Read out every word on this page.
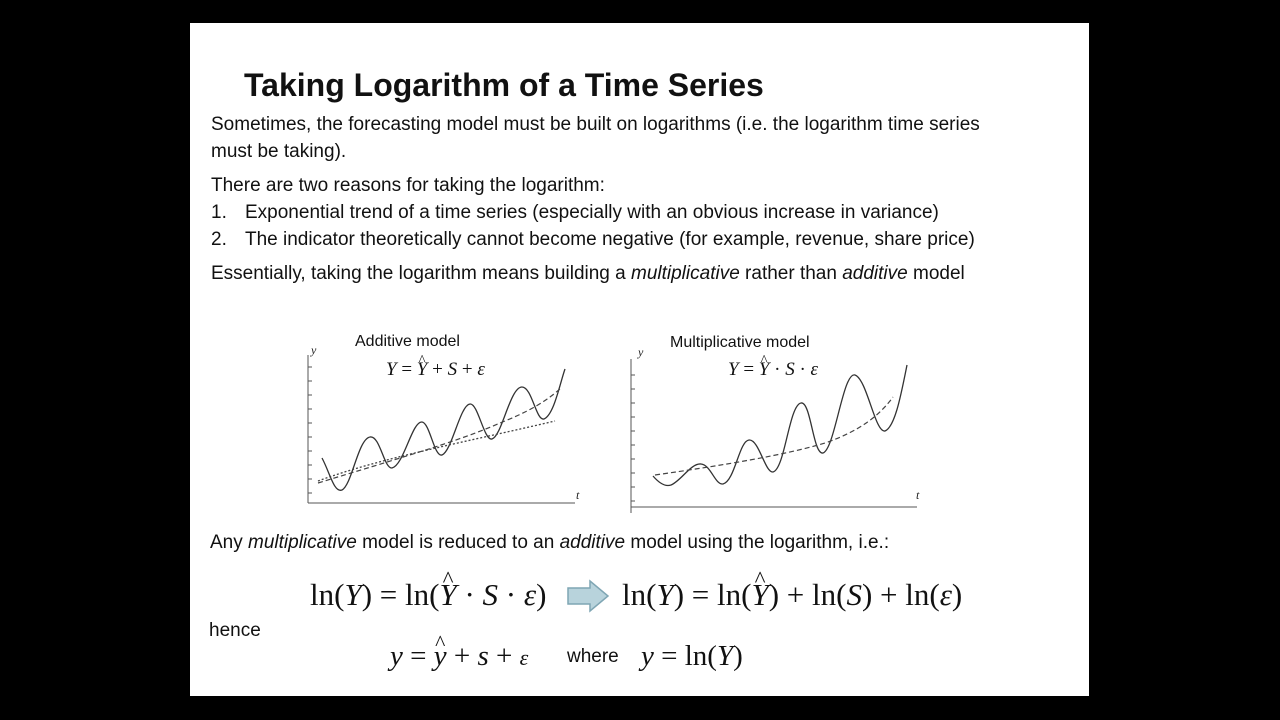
Taking Logarithm of a Time Series
Sometimes, the forecasting model must be built on logarithms (i.e. the logarithm time series
must be taking).
There are two reasons for taking the logarithm:
1. Exponential trend of a time series (especially with an obvious increase in variance)
2. The indicator theoretically cannot become negative (for example, revenue, share price)
Essentially, taking the logarithm means building a multiplicative rather than additive model
Additive model
Y = ^ Y + S + ε
y
t
Multiplicative model
Y = ^ Y · S · ε
y
t
Any multiplicative model is reduced to an additive model using the logarithm, i.e.:
ln(Y) = ln(^ Y · S · ε) ln(Y) = ln(^ Y) + ln(S) + ln(ε)
hence
y = ^ y + s + ε where y = ln(Y)
